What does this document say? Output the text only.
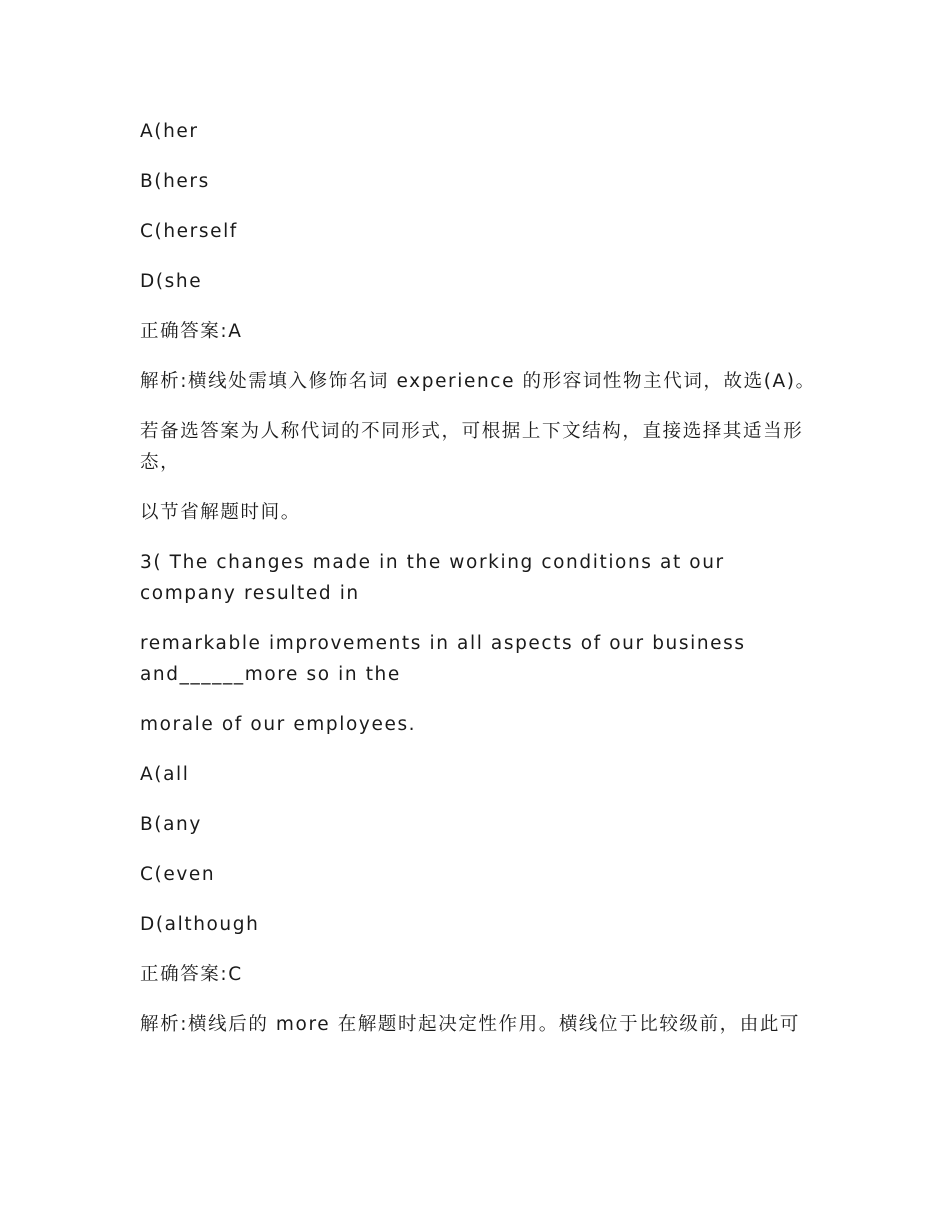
A(her

B(hers

C(herself

D(she

正确答案:A

解析:横线处需填入修饰名词 experience 的形容词性物主代词，故选(A)。

若备选答案为人称代词的不同形式，可根据上下文结构，直接选择其适当形态，

以节省解题时间。

3( The changes made in the working conditions at our company resulted in

remarkable improvements in all aspects of our business and______more so in the

morale of our employees.

A(all

B(any

C(even

D(although

正确答案:C

解析:横线后的 more 在解题时起决定性作用。横线位于比较级前，由此可
